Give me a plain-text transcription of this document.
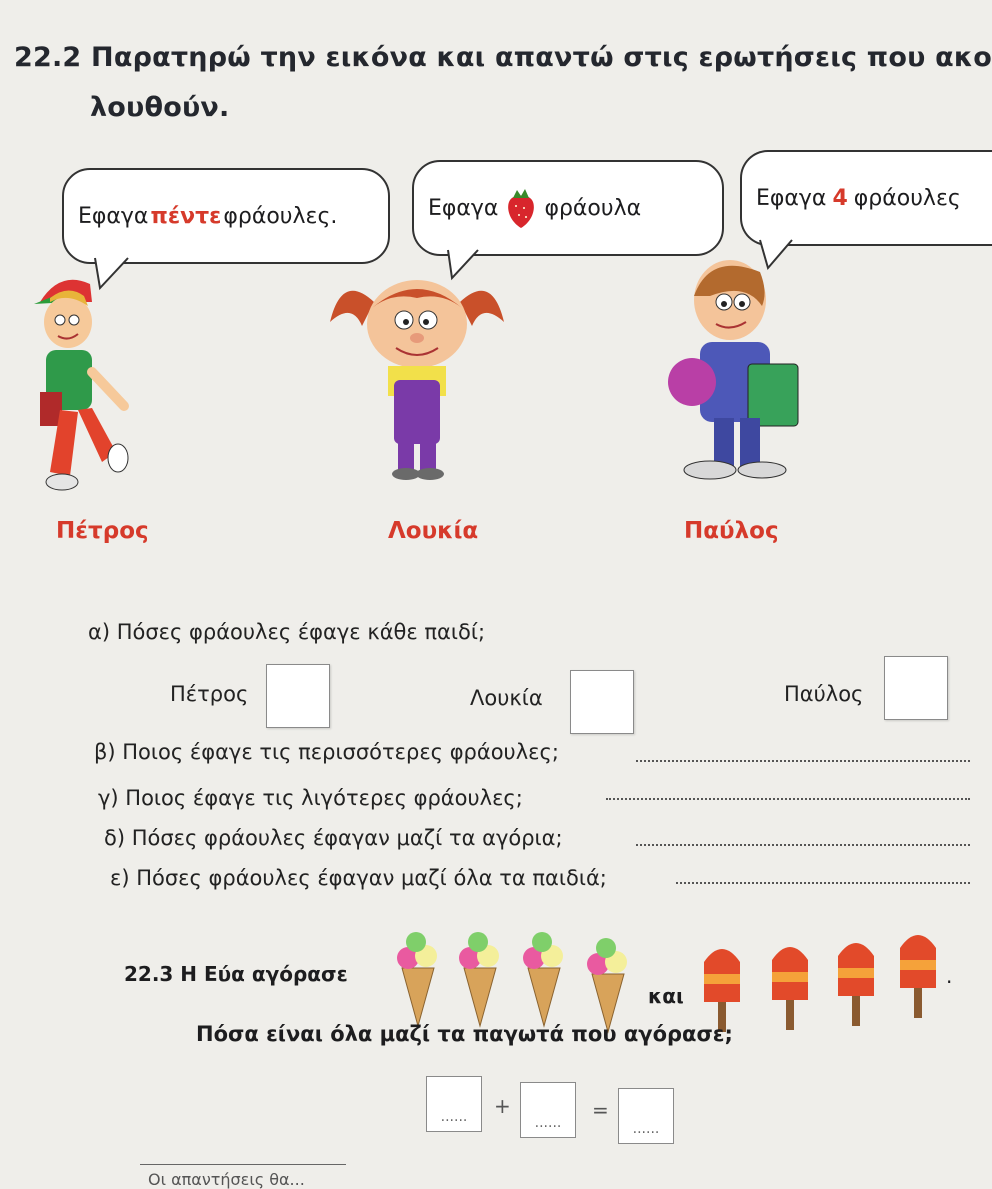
22.2 Παρατηρώ την εικόνα και απαντώ στις ερωτήσεις που ακο
λουθούν.
Εφαγα πέντε φράουλες.	Εφαγα φράουλα	Εφαγα 4 φράουλες
Πέτρος	Λουκία	Παύλος
α) Πόσες φράουλες έφαγε κάθε παιδί;
Πέτρος	Λουκία	Παύλος
β) Ποιος έφαγε τις περισσότερες φράουλες;
γ) Ποιος έφαγε τις λιγότερες φράουλες;
δ) Πόσες φράουλες έφαγαν μαζί τα αγόρια;
ε) Πόσες φράουλες έφαγαν μαζί όλα τα παιδιά;
22.3 Η Εύα αγόρασε
και
.
Πόσα είναι όλα μαζί τα παγωτά που αγόρασε;
...... +
......
=
......
Οι απαντήσεις θα...
